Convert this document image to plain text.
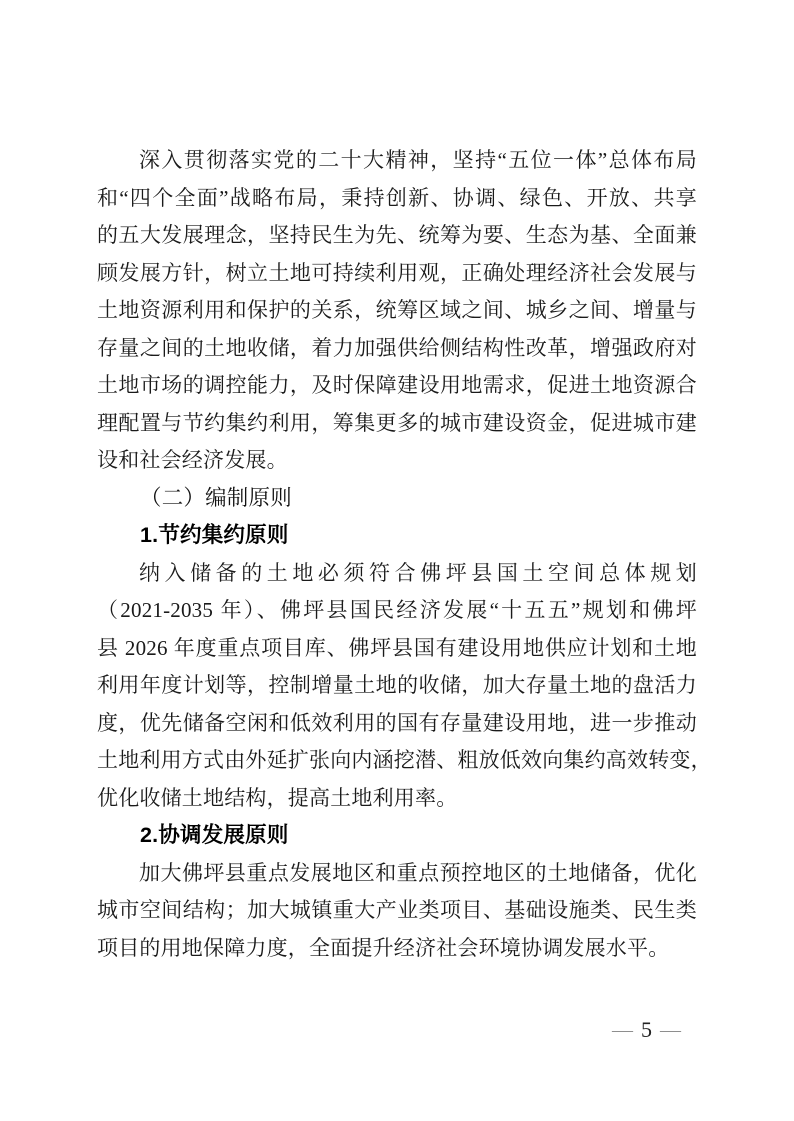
深入贯彻落实党的二十大精神，坚持“五位一体”总体布局
和“四个全面”战略布局，秉持创新、协调、绿色、开放、共享
的五大发展理念，坚持民生为先、统筹为要、生态为基、全面兼
顾发展方针，树立土地可持续利用观，正确处理经济社会发展与
土地资源利用和保护的关系，统筹区域之间、城乡之间、增量与
存量之间的土地收储，着力加强供给侧结构性改革，增强政府对
土地市场的调控能力，及时保障建设用地需求，促进土地资源合
理配置与节约集约利用，筹集更多的城市建设资金，促进城市建
设和社会经济发展。
（二）编制原则
1.节约集约原则
纳入储备的土地必须符合佛坪县国土空间总体规划
（2021-2035 年）、佛坪县国民经济发展“十五五”规划和佛坪
县 2026 年度重点项目库、佛坪县国有建设用地供应计划和土地
利用年度计划等，控制增量土地的收储，加大存量土地的盘活力
度，优先储备空闲和低效利用的国有存量建设用地，进一步推动
土地利用方式由外延扩张向内涵挖潜、粗放低效向集约高效转变，
优化收储土地结构，提高土地利用率。
2.协调发展原则
加大佛坪县重点发展地区和重点预控地区的土地储备，优化
城市空间结构；加大城镇重大产业类项目、基础设施类、民生类
项目的用地保障力度，全面提升经济社会环境协调发展水平。
— 5 —
